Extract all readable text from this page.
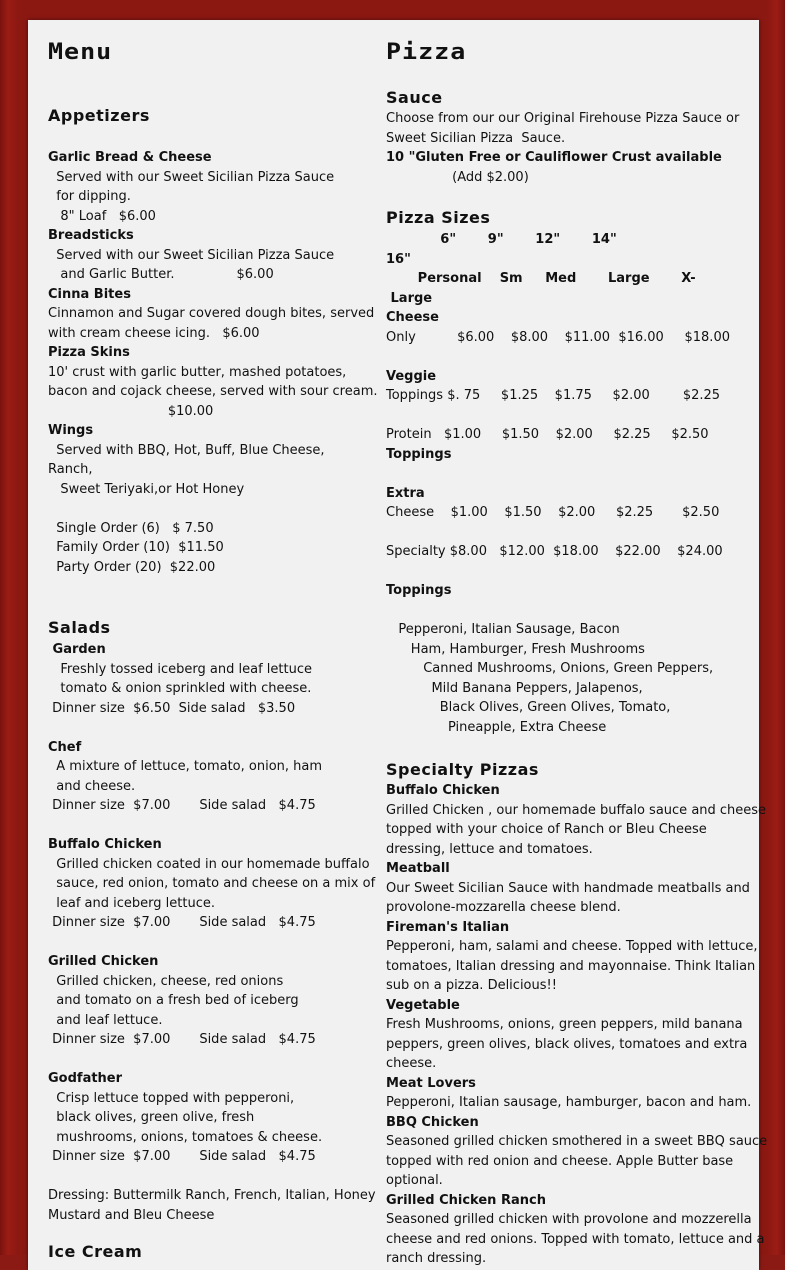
Menu
Appetizers
Garlic Bread & Cheese
Served with our Sweet Sicilian Pizza Sauce
for dipping.
8" Loaf   $6.00
Breadsticks
Served with our Sweet Sicilian Pizza Sauce
and Garlic Butter.               $6.00
Cinna Bites
Cinnamon and Sugar covered dough bites, served
with cream cheese icing.   $6.00
Pizza Skins
10' crust with garlic butter, mashed potatoes,
bacon and cojack cheese, served with sour cream.
$10.00
Wings
Served with BBQ, Hot, Buff, Blue Cheese,
Ranch,
Sweet Teriyaki,or Hot Honey
Single Order (6)   $ 7.50
Family Order (10)  $11.50
Party Order (20)  $22.00
Salads
Garden
Freshly tossed iceberg and leaf lettuce
tomato & onion sprinkled with cheese.
Dinner size  $6.50  Side salad   $3.50
Chef
A mixture of lettuce, tomato, onion, ham
and cheese.
Dinner size  $7.00       Side salad   $4.75
Buffalo Chicken
Grilled chicken coated in our homemade buffalo
sauce, red onion, tomato and cheese on a mix of
leaf and iceberg lettuce.
Dinner size  $7.00       Side salad   $4.75
Grilled Chicken
Grilled chicken, cheese, red onions
and tomato on a fresh bed of iceberg
and leaf lettuce.
Dinner size  $7.00       Side salad   $4.75
Godfather
Crisp lettuce topped with pepperoni,
black olives, green olive, fresh
mushrooms, onions, tomatoes & cheese.
Dinner size  $7.00       Side salad   $4.75
Dressing: Buttermilk Ranch, French, Italian, Honey
Mustard and Bleu Cheese
Ice Cream
Pizza
Sauce
Choose from our our Original Firehouse Pizza Sauce or
Sweet Sicilian Pizza  Sauce.
10 "Gluten Free or Cauliflower Crust available
(Add $2.00)
Pizza Sizes
6"       9"       12"       14"
16"
Personal    Sm     Med       Large       X-
Large
Cheese
Only          $6.00    $8.00    $11.00  $16.00     $18.00
Veggie
Toppings $. 75     $1.25    $1.75     $2.00        $2.25
Protein   $1.00     $1.50    $2.00     $2.25     $2.50
Toppings
Extra
Cheese    $1.00    $1.50    $2.00     $2.25       $2.50
Specialty $8.00   $12.00  $18.00    $22.00    $24.00
Toppings
Pepperoni, Italian Sausage, Bacon
Ham, Hamburger, Fresh Mushrooms
Canned Mushrooms, Onions, Green Peppers,
Mild Banana Peppers, Jalapenos,
Black Olives, Green Olives, Tomato,
Pineapple, Extra Cheese
Specialty Pizzas
Buffalo Chicken
Grilled Chicken , our homemade buffalo sauce and cheese
topped with your choice of Ranch or Bleu Cheese
dressing, lettuce and tomatoes.
Meatball
Our Sweet Sicilian Sauce with handmade meatballs and
provolone-mozzarella cheese blend.
Fireman's Italian
Pepperoni, ham, salami and cheese. Topped with lettuce,
tomatoes, Italian dressing and mayonnaise. Think Italian
sub on a pizza. Delicious!!
Vegetable
Fresh Mushrooms, onions, green peppers, mild banana
peppers, green olives, black olives, tomatoes and extra
cheese.
Meat Lovers
Pepperoni, Italian sausage, hamburger, bacon and ham.
BBQ Chicken
Seasoned grilled chicken smothered in a sweet BBQ sauce
topped with red onion and cheese. Apple Butter base
optional.
Grilled Chicken Ranch
Seasoned grilled chicken with provolone and mozzerella
cheese and red onions. Topped with tomato, lettuce and a
ranch dressing.
